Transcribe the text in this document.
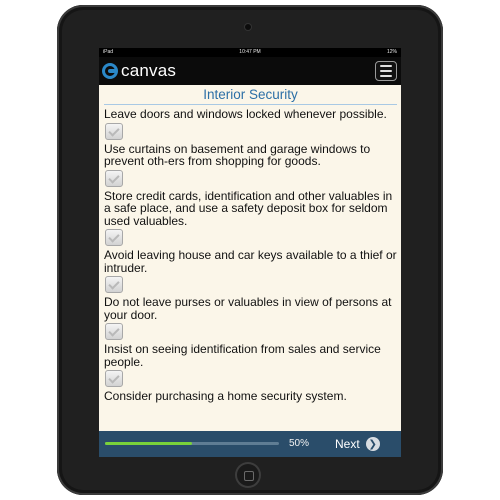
iPad	10:47 PM	12%
canvas
Interior Security

Leave doors and windows locked whenever possible.

Use curtains on basement and garage windows to prevent oth-ers from shopping for goods.

Store credit cards, identification and other valuables in a safe place, and use a safety deposit box for seldom used valuables.

Avoid leaving house and car keys available to a thief or intruder.

Do not leave purses or valuables in view of persons at your door.

Insist on seeing identification from sales and service people.

Consider purchasing a home security system.

50% Next ❯
